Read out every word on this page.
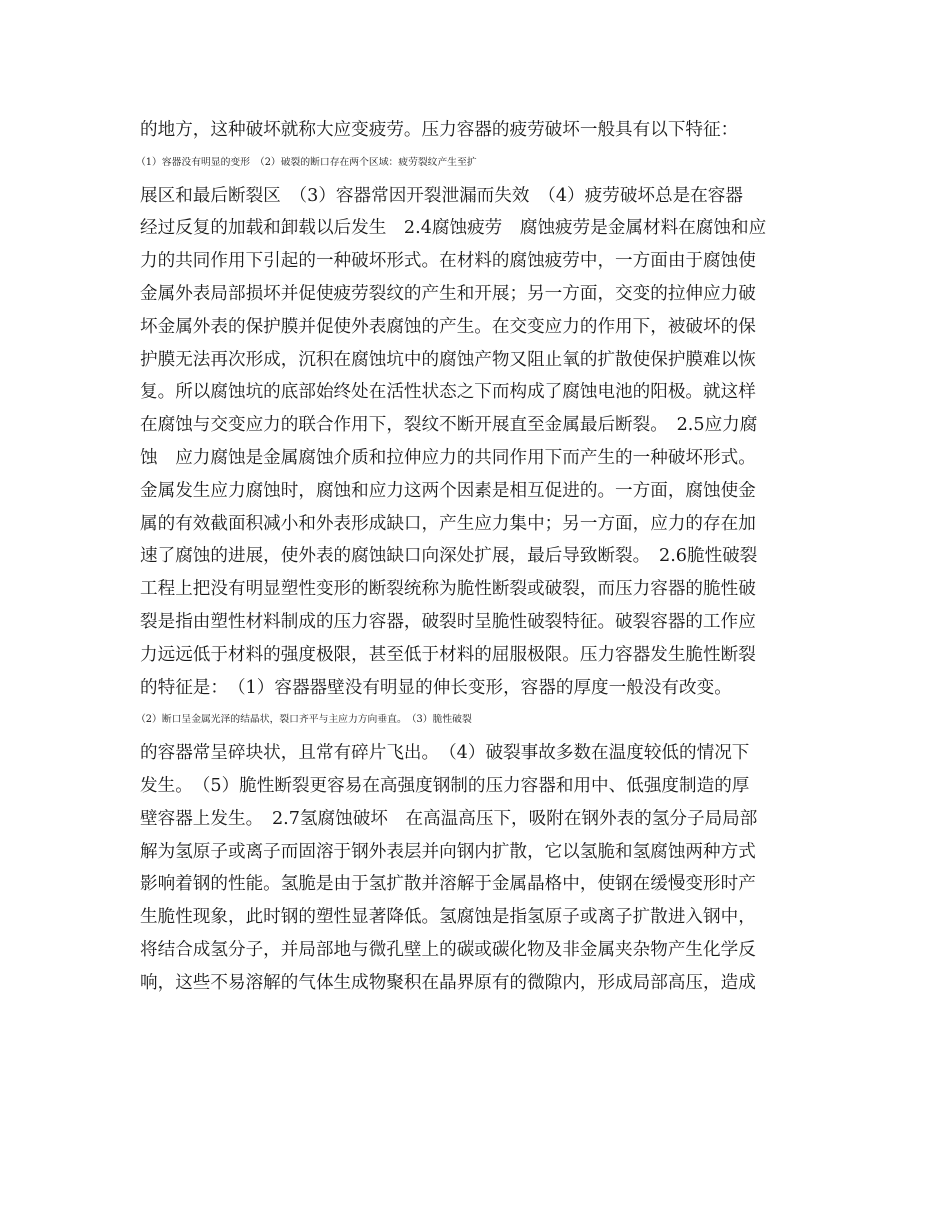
的地方，这种破坏就称大应变疲劳。压力容器的疲劳破坏一般具有以下特征：
（1）容器没有明显的变形　（2）破裂的断口存在两个区域：疲劳裂纹产生至扩
展区和最后断裂区　（3）容器常因开裂泄漏而失效　（4）疲劳破坏总是在容器
经过反复的加载和卸载以后发生　2.4腐蚀疲劳　腐蚀疲劳是金属材料在腐蚀和应
力的共同作用下引起的一种破坏形式。在材料的腐蚀疲劳中，一方面由于腐蚀使
金属外表局部损坏并促使疲劳裂纹的产生和开展；另一方面，交变的拉伸应力破
坏金属外表的保护膜并促使外表腐蚀的产生。在交变应力的作用下，被破坏的保
护膜无法再次形成，沉积在腐蚀坑中的腐蚀产物又阻止氧的扩散使保护膜难以恢
复。所以腐蚀坑的底部始终处在活性状态之下而构成了腐蚀电池的阳极。就这样
在腐蚀与交变应力的联合作用下，裂纹不断开展直至金属最后断裂。　2.5应力腐
蚀　应力腐蚀是金属腐蚀介质和拉伸应力的共同作用下而产生的一种破坏形式。
金属发生应力腐蚀时，腐蚀和应力这两个因素是相互促进的。一方面，腐蚀使金
属的有效截面积减小和外表形成缺口，产生应力集中；另一方面，应力的存在加
速了腐蚀的进展，使外表的腐蚀缺口向深处扩展，最后导致断裂。　2.6脆性破裂
工程上把没有明显塑性变形的断裂统称为脆性断裂或破裂，而压力容器的脆性破
裂是指由塑性材料制成的压力容器，破裂时呈脆性破裂特征。破裂容器的工作应
力远远低于材料的强度极限，甚至低于材料的屈服极限。压力容器发生脆性断裂
的特征是：　（1）容器器壁没有明显的伸长变形，容器的厚度一般没有改变。
（2）断口呈金属光泽的结晶状，裂口齐平与主应力方向垂直。　（3）脆性破裂
的容器常呈碎块状，且常有碎片飞出。　（4）破裂事故多数在温度较低的情况下
发生。　（5）脆性断裂更容易在高强度钢制的压力容器和用中、低强度制造的厚
壁容器上发生。　2.7氢腐蚀破坏　在高温高压下，吸附在钢外表的氢分子局局部
解为氢原子或离子而固溶于钢外表层并向钢内扩散，它以氢脆和氢腐蚀两种方式
影响着钢的性能。氢脆是由于氢扩散并溶解于金属晶格中，使钢在缓慢变形时产
生脆性现象，此时钢的塑性显著降低。氢腐蚀是指氢原子或离子扩散进入钢中，
将结合成氢分子，并局部地与微孔壁上的碳或碳化物及非金属夹杂物产生化学反
响，这些不易溶解的气体生成物聚积在晶界原有的微隙内，形成局部高压，造成
